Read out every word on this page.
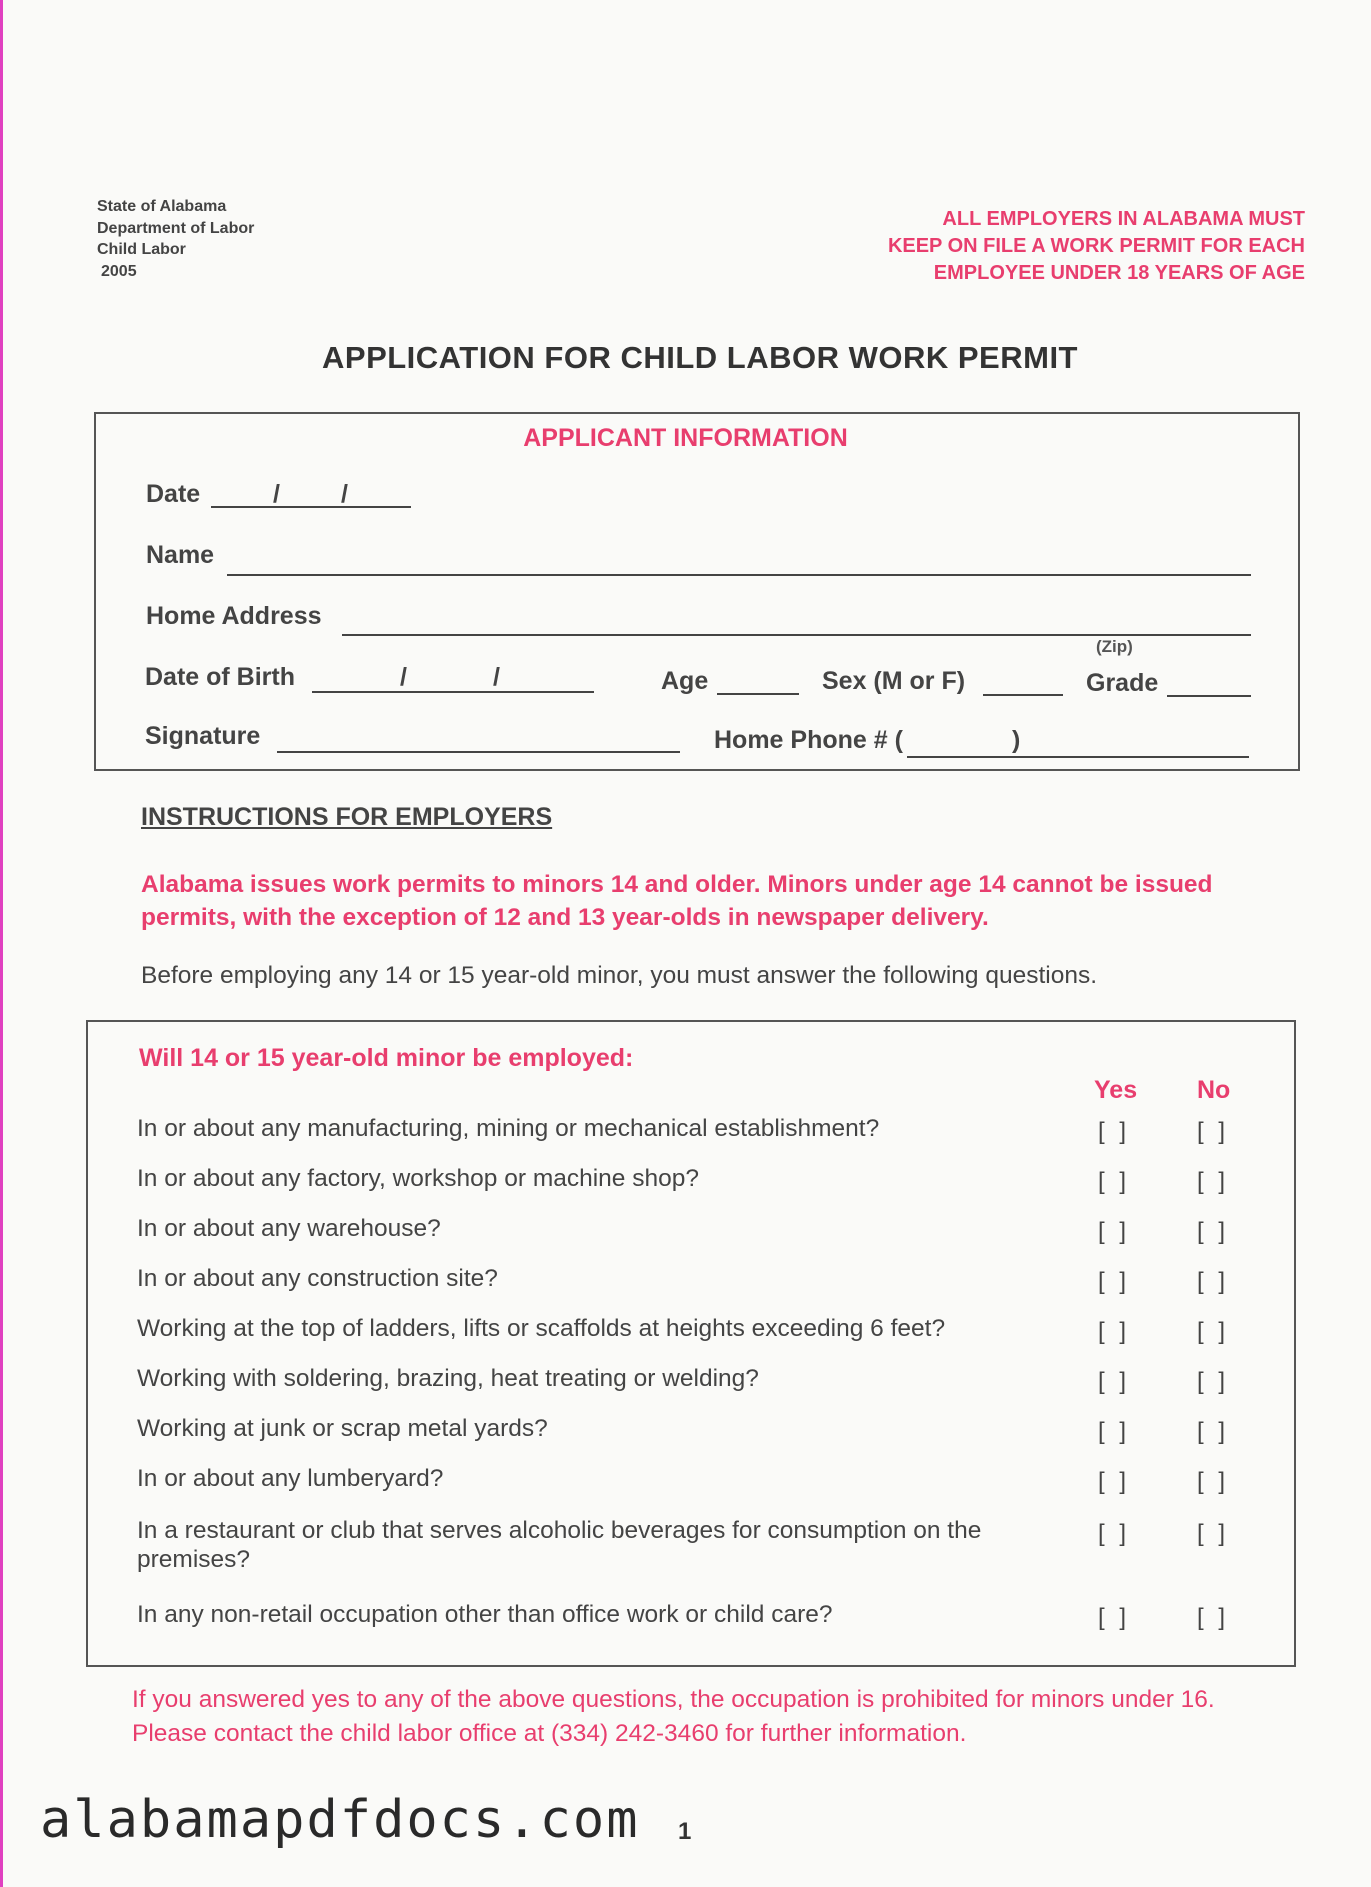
State of Alabama
Department of Labor
Child Labor
2005
ALL EMPLOYERS IN ALABAMA MUST
KEEP ON FILE A WORK PERMIT FOR EACH
EMPLOYEE UNDER 18 YEARS OF AGE
APPLICATION FOR CHILD LABOR WORK PERMIT
APPLICANT INFORMATION
Date	/ /
Name
Home Address
(Zip)
Date of Birth	/	/	Age	Sex (M or F)	Grade
Signature	Home Phone # (	)
INSTRUCTIONS FOR EMPLOYERS
Alabama issues work permits to minors 14 and older. Minors under age 14 cannot be issued permits, with the exception of 12 and 13 year-olds in newspaper delivery.
Before employing any 14 or 15 year-old minor, you must answer the following questions.
Will 14 or 15 year-old minor be employed:
Yes No
In or about any manufacturing, mining or mechanical establishment?	[ ]	[ ]
In or about any factory, workshop or machine shop?	[ ]	[ ]
In or about any warehouse?	[ ]	[ ]
In or about any construction site?	[ ]	[ ]
Working at the top of ladders, lifts or scaffolds at heights exceeding 6 feet?	[ ]	[ ]
Working with soldering, brazing, heat treating or welding?	[ ]	[ ]
Working at junk or scrap metal yards?	[ ]	[ ]
In or about any lumberyard?	[ ]	[ ]
In a restaurant or club that serves alcoholic beverages for consumption on the premises?
[ ]	[ ]
In any non-retail occupation other than office work or child care?	[ ]	[ ]
If you answered yes to any of the above questions, the occupation is prohibited for minors under 16. Please contact the child labor office at (334) 242-3460 for further information.
alabamapdfdocs.com 1
